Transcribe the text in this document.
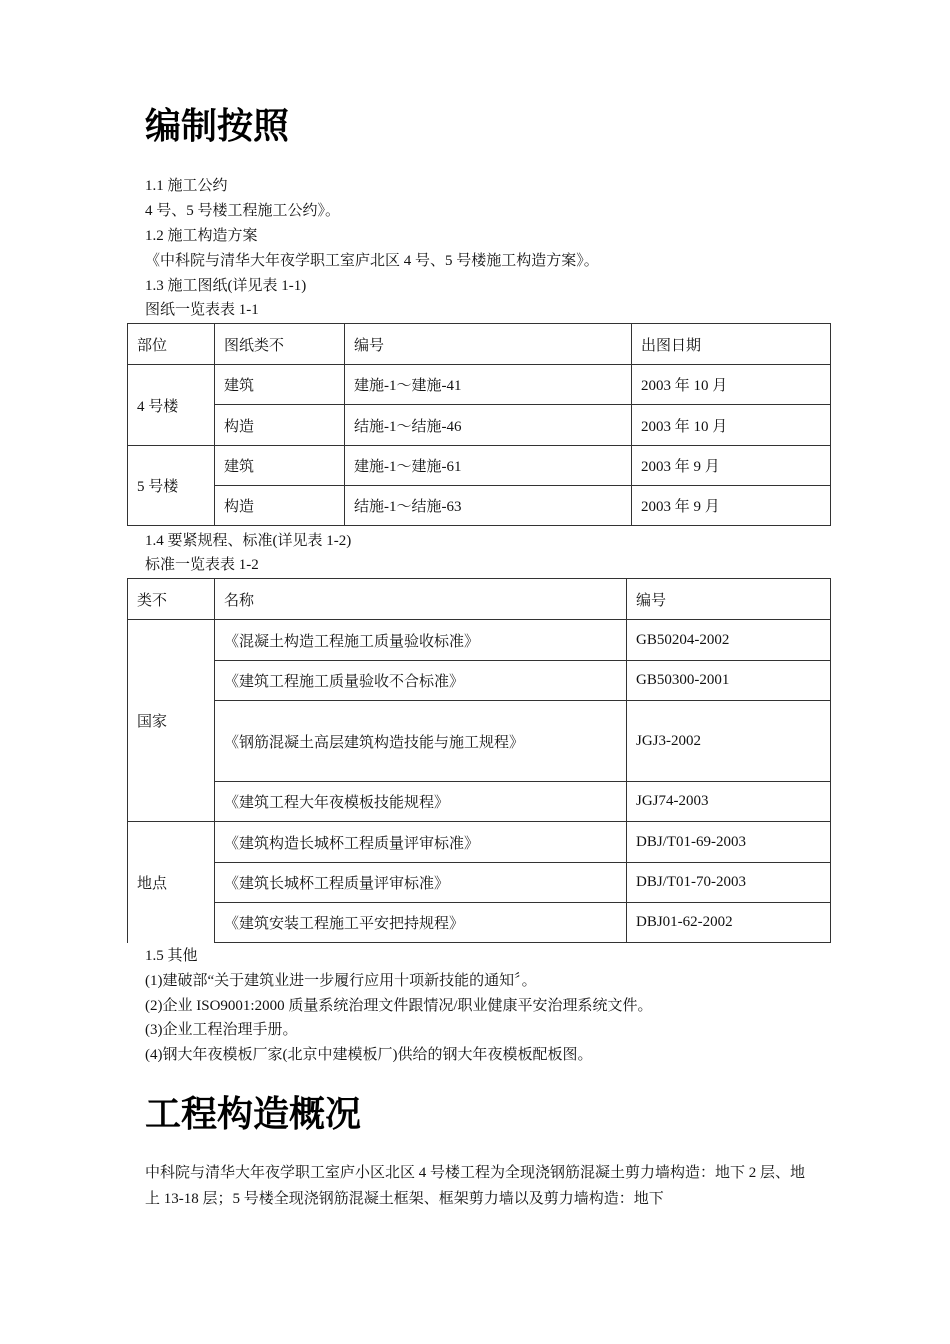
编制按照
1.1 施工公约
4 号、5 号楼工程施工公约》。
1.2 施工构造方案
《中科院与清华大年夜学职工室庐北区 4 号、5 号楼施工构造方案》。
1.3 施工图纸(详见表 1-1)
图纸一览表表 1-1
部位	图纸类不	编号	出图日期
4 号楼	建筑	建施-1～建施-41	2003 年 10 月
	构造	结施-1～结施-46	2003 年 10 月
5 号楼	建筑	建施-1～建施-61	2003 年 9 月
	构造	结施-1～结施-63	2003 年 9 月
1.4 要紧规程、标准(详见表 1-2)
标准一览表表 1-2
类不	名称	编号
国家	《混凝土构造工程施工质量验收标准》	GB50204-2002
	《建筑工程施工质量验收不合标准》	GB50300-2001
	《钢筋混凝土高层建筑构造技能与施工规程》	JGJ3-2002
	《建筑工程大年夜模板技能规程》	JGJ74-2003
地点	《建筑构造长城杯工程质量评审标准》	DBJ/T01-69-2003
	《建筑长城杯工程质量评审标准》	DBJ/T01-70-2003
	《建筑安装工程施工平安把持规程》	DBJ01-62-2002
1.5 其他
(1)建破部“关于建筑业进一步履行应用十项新技能的通知〞。
(2)企业 ISO9001:2000 质量系统治理文件跟情况/职业健康平安治理系统文件。
(3)企业工程治理手册。
(4)钢大年夜模板厂家(北京中建模板厂)供给的钢大年夜模板配板图。
工程构造概况
中科院与清华大年夜学职工室庐小区北区 4 号楼工程为全现浇钢筋混凝土剪力墙构造：地下 2 层、地上 13-18 层；5 号楼全现浇钢筋混凝土框架、框架剪力墙以及剪力墙构造：地下
